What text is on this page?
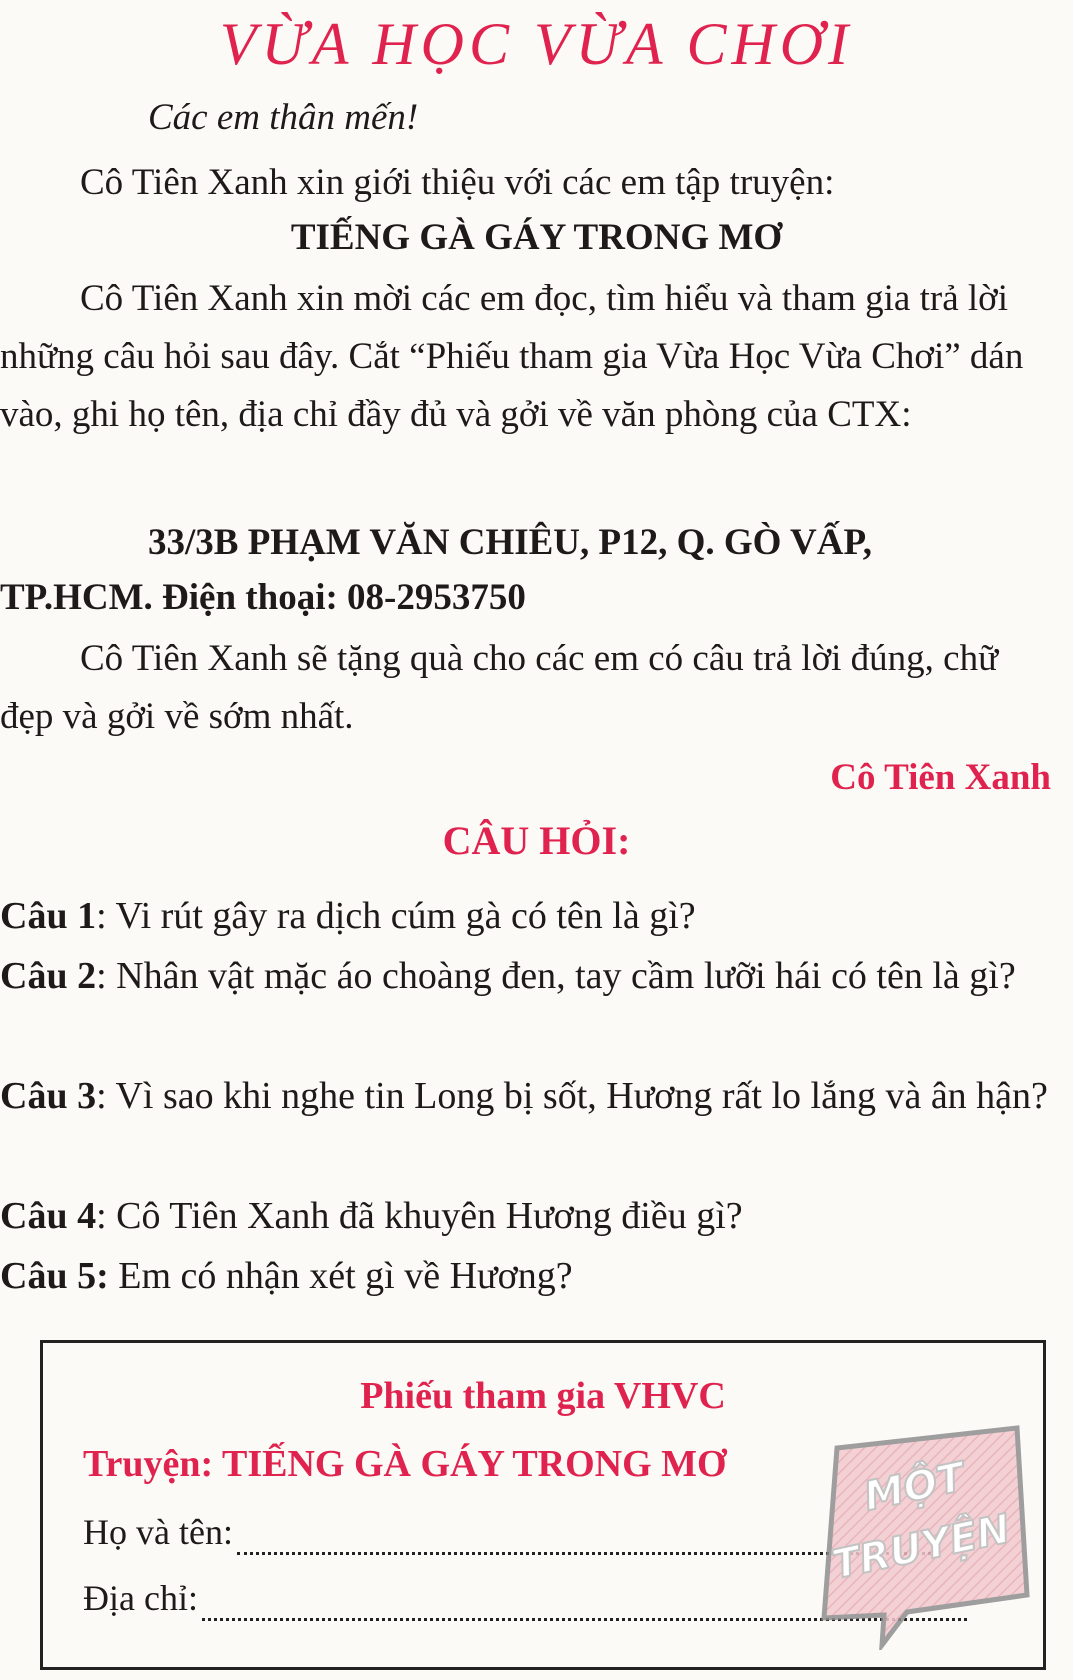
VỪA HỌC VỪA CHƠI
Các em thân mến!
Cô Tiên Xanh xin giới thiệu với các em tập truyện:
TIẾNG GÀ GÁY TRONG MƠ

Cô Tiên Xanh xin mời các em đọc, tìm hiểu và tham gia trả lời những câu hỏi sau đây. Cắt “Phiếu tham gia Vừa Học Vừa Chơi” dán vào, ghi họ tên, địa chỉ đầy đủ và gởi về văn phòng của CTX:

33/3B PHẠM VĂN CHIÊU, P12, Q. GÒ VẤP,
TP.HCM. Điện thoại: 08-2953750

Cô Tiên Xanh sẽ tặng quà cho các em có câu trả lời đúng, chữ đẹp và gởi về sớm nhất.

Cô Tiên Xanh
CÂU HỎI:

Câu 1: Vi rút gây ra dịch cúm gà có tên là gì?

Câu 2: Nhân vật mặc áo choàng đen, tay cầm lưỡi hái có tên là gì?

Câu 3: Vì sao khi nghe tin Long bị sốt, Hương rất lo lắng và ân hận?

Câu 4: Cô Tiên Xanh đã khuyên Hương điều gì?

Câu 5: Em có nhận xét gì về Hương?

Phiếu tham gia VHVC
Truyện: TIẾNG GÀ GÁY TRONG MƠ
Họ và tên:
Địa chỉ:
MỘT
TRUYỆN
